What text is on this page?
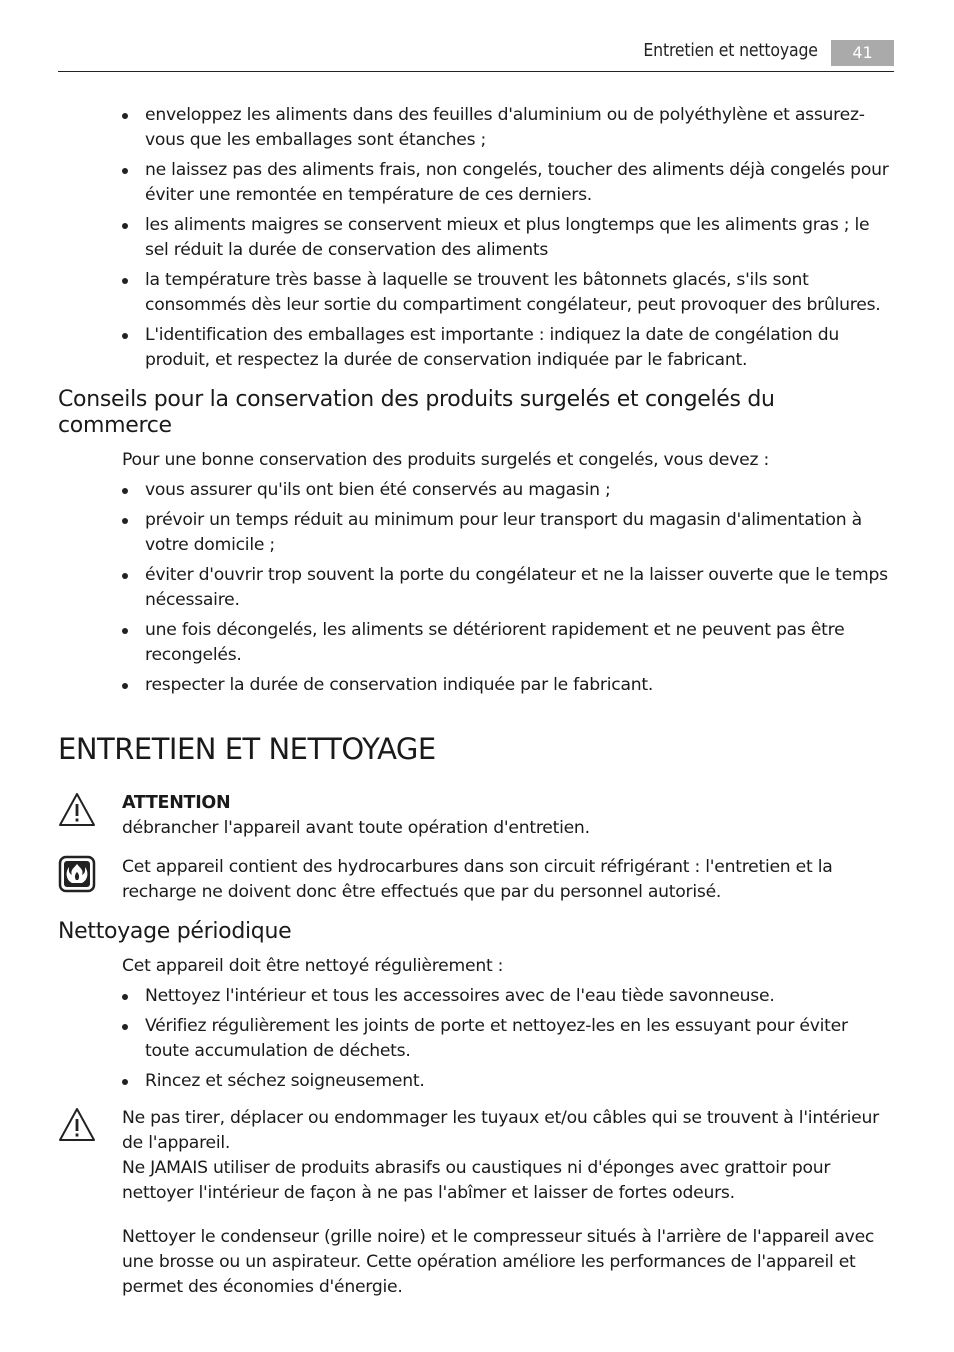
Entretien et nettoyage	41
enveloppez les aliments dans des feuilles d'aluminium ou de polyéthylène et assurez-vous que les emballages sont étanches ;
ne laissez pas des aliments frais, non congelés, toucher des aliments déjà congelés pour éviter une remontée en température de ces derniers.
les aliments maigres se conservent mieux et plus longtemps que les aliments gras ; le sel réduit la durée de conservation des aliments
la température très basse à laquelle se trouvent les bâtonnets glacés, s'ils sont consommés dès leur sortie du compartiment congélateur, peut provoquer des brûlures.
L'identification des emballages est importante : indiquez la date de congélation du produit, et respectez la durée de conservation indiquée par le fabricant.
Conseils pour la conservation des produits surgelés et congelés du commerce
Pour une bonne conservation des produits surgelés et congelés, vous devez :
vous assurer qu'ils ont bien été conservés au magasin ;
prévoir un temps réduit au minimum pour leur transport du magasin d'alimentation à votre domicile ;
éviter d'ouvrir trop souvent la porte du congélateur et ne la laisser ouverte que le temps nécessaire.
une fois décongelés, les aliments se détériorent rapidement et ne peuvent pas être recongelés.
respecter la durée de conservation indiquée par le fabricant.
ENTRETIEN ET NETTOYAGE

ATTENTION

débrancher l'appareil avant toute opération d'entretien.

Cet appareil contient des hydrocarbures dans son circuit réfrigérant : l'entretien et la recharge ne doivent donc être effectués que par du personnel autorisé.

Nettoyage périodique
Cet appareil doit être nettoyé régulièrement :
Nettoyez l'intérieur et tous les accessoires avec de l'eau tiède savonneuse.
Vérifiez régulièrement les joints de porte et nettoyez-les en les essuyant pour éviter toute accumulation de déchets.
Rincez et séchez soigneusement.

Ne pas tirer, déplacer ou endommager les tuyaux et/ou câbles qui se trouvent à l'intérieur de l'appareil.

Ne JAMAIS utiliser de produits abrasifs ou caustiques ni d'éponges avec grattoir pour nettoyer l'intérieur de façon à ne pas l'abîmer et laisser de fortes odeurs.

Nettoyer le condenseur (grille noire) et le compresseur situés à l'arrière de l'appareil avec une brosse ou un aspirateur. Cette opération améliore les performances de l'appareil et permet des économies d'énergie.
